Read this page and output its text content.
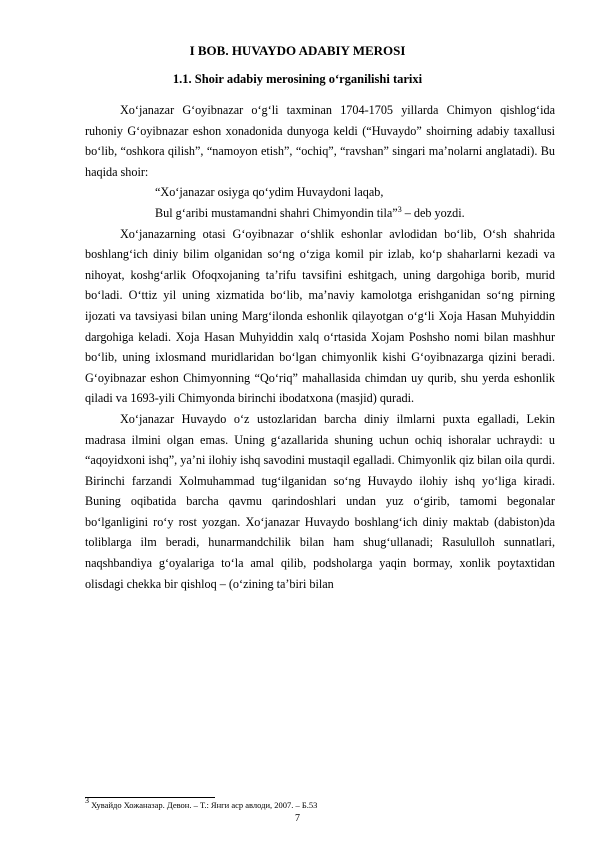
I BOB. HUVAYDO ADABIY MEROSI
1.1. Shoir adabiy merosining o‘rganilishi tarixi

Xo‘janazar G‘oyibnazar o‘g‘li taxminan 1704-1705 yillarda Chimyon qishlog‘ida ruhoniy G‘oyibnazar eshon xonadonida dunyoga keldi (“Huvaydo” shoirning adabiy taxallusi bo‘lib, “oshkora qilish”, “namoyon etish”, “ochiq”, “ravshan” singari ma’nolarni anglatadi). Bu haqida shoir:

“Xo‘janazar osiyga qo‘ydim Huvaydoni laqab,

Bul g‘aribi mustamandni shahri Chimyondin tila”$^3$ – deb yozdi.

Xo‘janazarning otasi G‘oyibnazar o‘shlik eshonlar avlodidan bo‘lib, O‘sh shahrida boshlang‘ich diniy bilim olganidan so‘ng o‘ziga komil pir izlab, ko‘p shaharlarni kezadi va nihoyat, koshg‘arlik Ofoqxojaning ta’rifu tavsifini eshitgach, uning dargohiga borib, murid bo‘ladi. O‘ttiz yil uning xizmatida bo‘lib, ma’naviy kamolotga erishganidan so‘ng pirning ijozati va tavsiyasi bilan uning Marg‘ilonda eshonlik qilayotgan o‘g‘li Xoja Hasan Muhyiddin dargohiga keladi. Xoja Hasan Muhyiddin xalq o‘rtasida Xojam Poshsho nomi bilan mashhur bo‘lib, uning ixlosmand muridlaridan bo‘lgan chimyonlik kishi G‘oyibnazarga qizini beradi. G‘oyibnazar eshon Chimyonning “Qo‘riq” mahallasida chimdan uy qurib, shu yerda eshonlik qiladi va 1693-yili Chimyonda birinchi ibodatxona (masjid) quradi.

Xo‘janazar Huvaydo o‘z ustozlaridan barcha diniy ilmlarni puxta egalladi, Lekin madrasa ilmini olgan emas. Uning g‘azallarida shuning uchun ochiq ishoralar uchraydi: u “aqoyidxoni ishq”, ya’ni ilohiy ishq savodini mustaqil egalladi. Chimyonlik qiz bilan oila qurdi. Birinchi farzandi Xolmuhammad tug‘ilganidan so‘ng Huvaydo ilohiy ishq yo‘liga kiradi. Buning oqibatida barcha qavmu qarindoshlari undan yuz o‘girib, tamomi begonalar bo‘lganligini ro‘y rost yozgan. Xo‘janazar Huvaydo boshlang‘ich diniy maktab (dabiston)da toliblarga ilm beradi, hunarmandchilik bilan ham shug‘ullanadi; Rasululloh sunnatlari, naqshbandiya g‘oyalariga to‘la amal qilib, podsholarga yaqin bormay, xonlik poytaxtidan olisdagi chekka bir qishloq – (o‘zining ta’biri bilan

$^3$ Хувайдо Хожаназар. Девон. – Т.: Янги аср авлоди, 2007. – Б.53
7
